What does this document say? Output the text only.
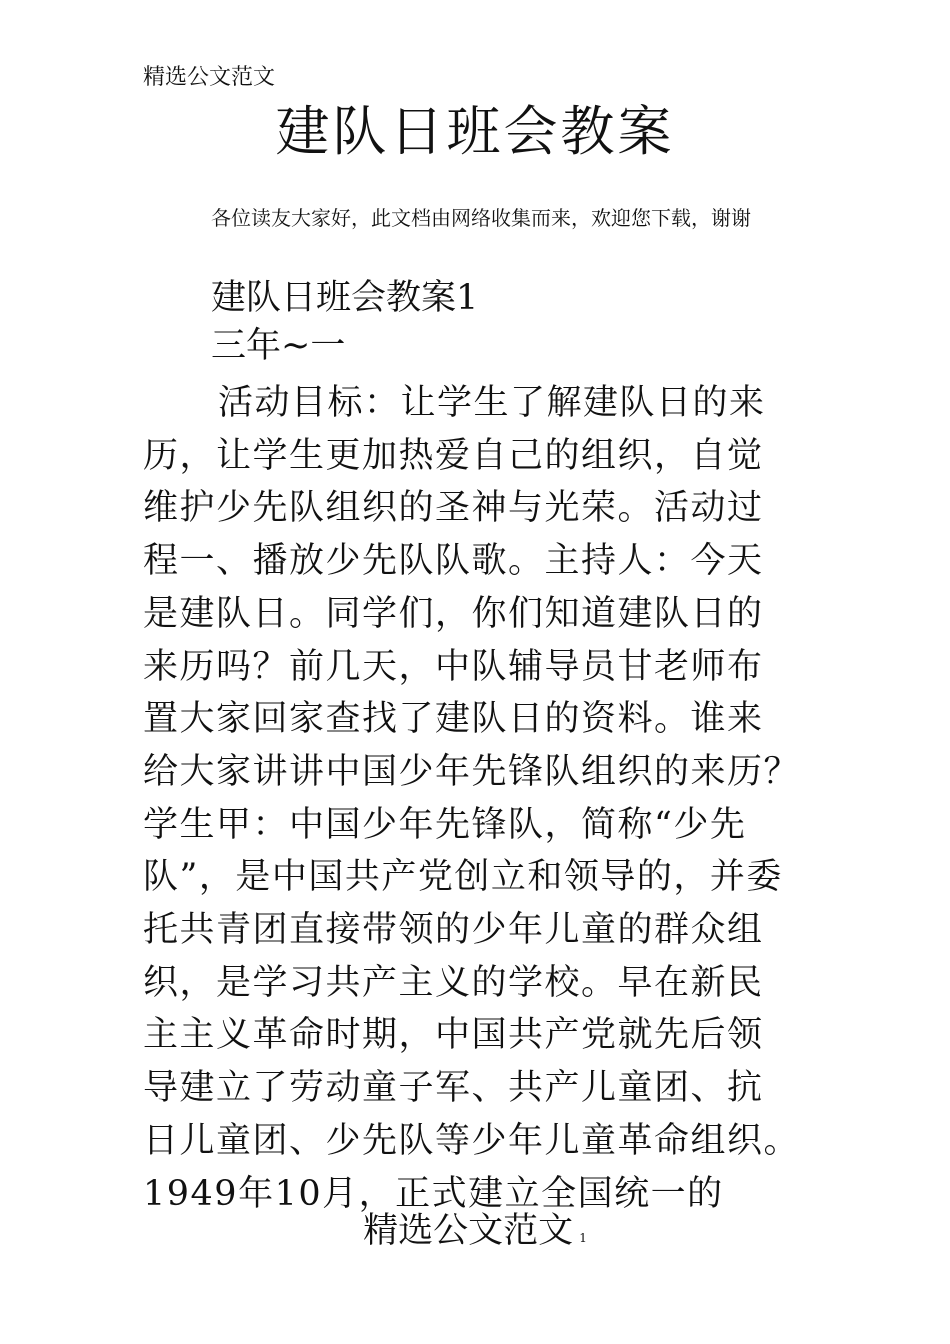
精选公文范文
建队日班会教案
各位读友大家好，此文档由网络收集而来，欢迎您下载，谢谢
建队日班会教案1
三年~一
活动目标：让学生了解建队日的来
历，让学生更加热爱自己的组织，自觉
维护少先队组织的圣神与光荣。活动过
程一、播放少先队队歌。主持人：今天
是建队日。同学们，你们知道建队日的
来历吗？前几天，中队辅导员甘老师布
置大家回家查找了建队日的资料。谁来
给大家讲讲中国少年先锋队组织的来历？
学生甲：中国少年先锋队，简称“少先
队”，是中国共产党创立和领导的，并委
托共青团直接带领的少年儿童的群众组
织，是学习共产主义的学校。早在新民
主主义革命时期，中国共产党就先后领
导建立了劳动童子军、共产儿童团、抗
日儿童团、少先队等少年儿童革命组织。
1949年10月，正式建立全国统一的
精选公文范文 1
